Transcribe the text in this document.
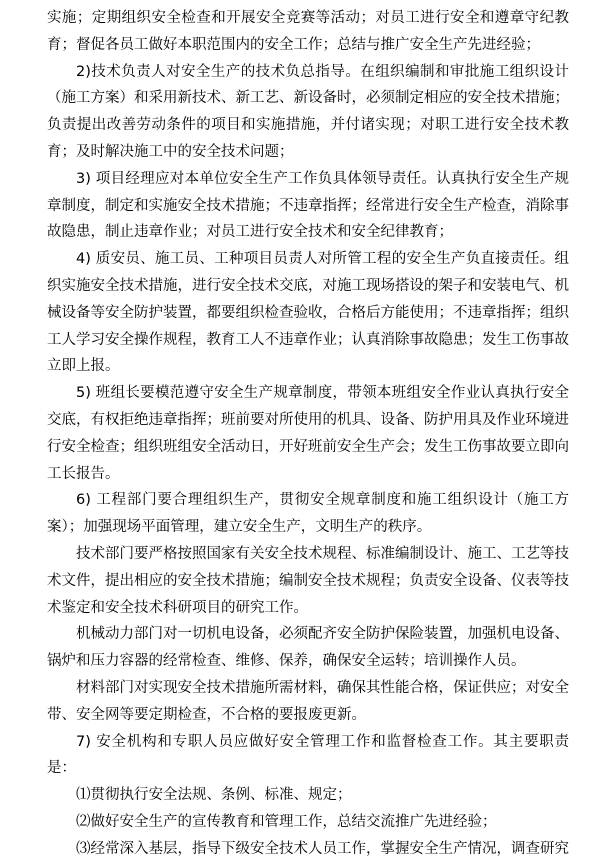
实施；定期组织安全检查和开展安全竞赛等活动；对员工进行安全和遵章守纪教育；督促各员工做好本职范围内的安全工作；总结与推广安全生产先进经验；

2)技术负责人对安全生产的技术负总指导。在组织编制和审批施工组织设计（施工方案）和采用新技术、新工艺、新设备时，必须制定相应的安全技术措施；负责提出改善劳动条件的项目和实施措施，并付诸实现；对职工进行安全技术教育；及时解决施工中的安全技术问题；

3) 项目经理应对本单位安全生产工作负具体领导责任。认真执行安全生产规章制度，制定和实施安全技术措施；不违章指挥；经常进行安全生产检查，消除事故隐患，制止违章作业；对员工进行安全技术和安全纪律教育；

4) 质安员、施工员、工种项目员责人对所管工程的安全生产负直接责任。组织实施安全技术措施，进行安全技术交底，对施工现场搭设的架子和安装电气、机械设备等安全防护装置，都要组织检查验收，合格后方能使用；不违章指挥；组织工人学习安全操作规程，教育工人不违章作业；认真消除事故隐患；发生工伤事故立即上报。

5) 班组长要模范遵守安全生产规章制度，带领本班组安全作业认真执行安全交底，有权拒绝违章指挥；班前要对所使用的机具、设备、防护用具及作业环境进行安全检查；组织班组安全活动日，开好班前安全生产会；发生工伤事故要立即向工长报告。

6) 工程部门要合理组织生产，贯彻安全规章制度和施工组织设计（施工方案）；加强现场平面管理，建立安全生产，文明生产的秩序。

技术部门要严格按照国家有关安全技术规程、标准编制设计、施工、工艺等技术文件，提出相应的安全技术措施；编制安全技术规程；负责安全设备、仪表等技术鉴定和安全技术科研项目的研究工作。

机械动力部门对一切机电设备，必须配齐安全防护保险装置，加强机电设备、锅炉和压力容器的经常检查、维修、保养，确保安全运转；培训操作人员。

材料部门对实现安全技术措施所需材料，确保其性能合格，保证供应；对安全带、安全网等要定期检查，不合格的要报废更新。

7) 安全机构和专职人员应做好安全管理工作和监督检查工作。其主要职责是：

⑴贯彻执行安全法规、条例、标准、规定；

⑵做好安全生产的宣传教育和管理工作，总结交流推广先进经验；

⑶经常深入基层，指导下级安全技术人员工作，掌握安全生产情况，调查研究
